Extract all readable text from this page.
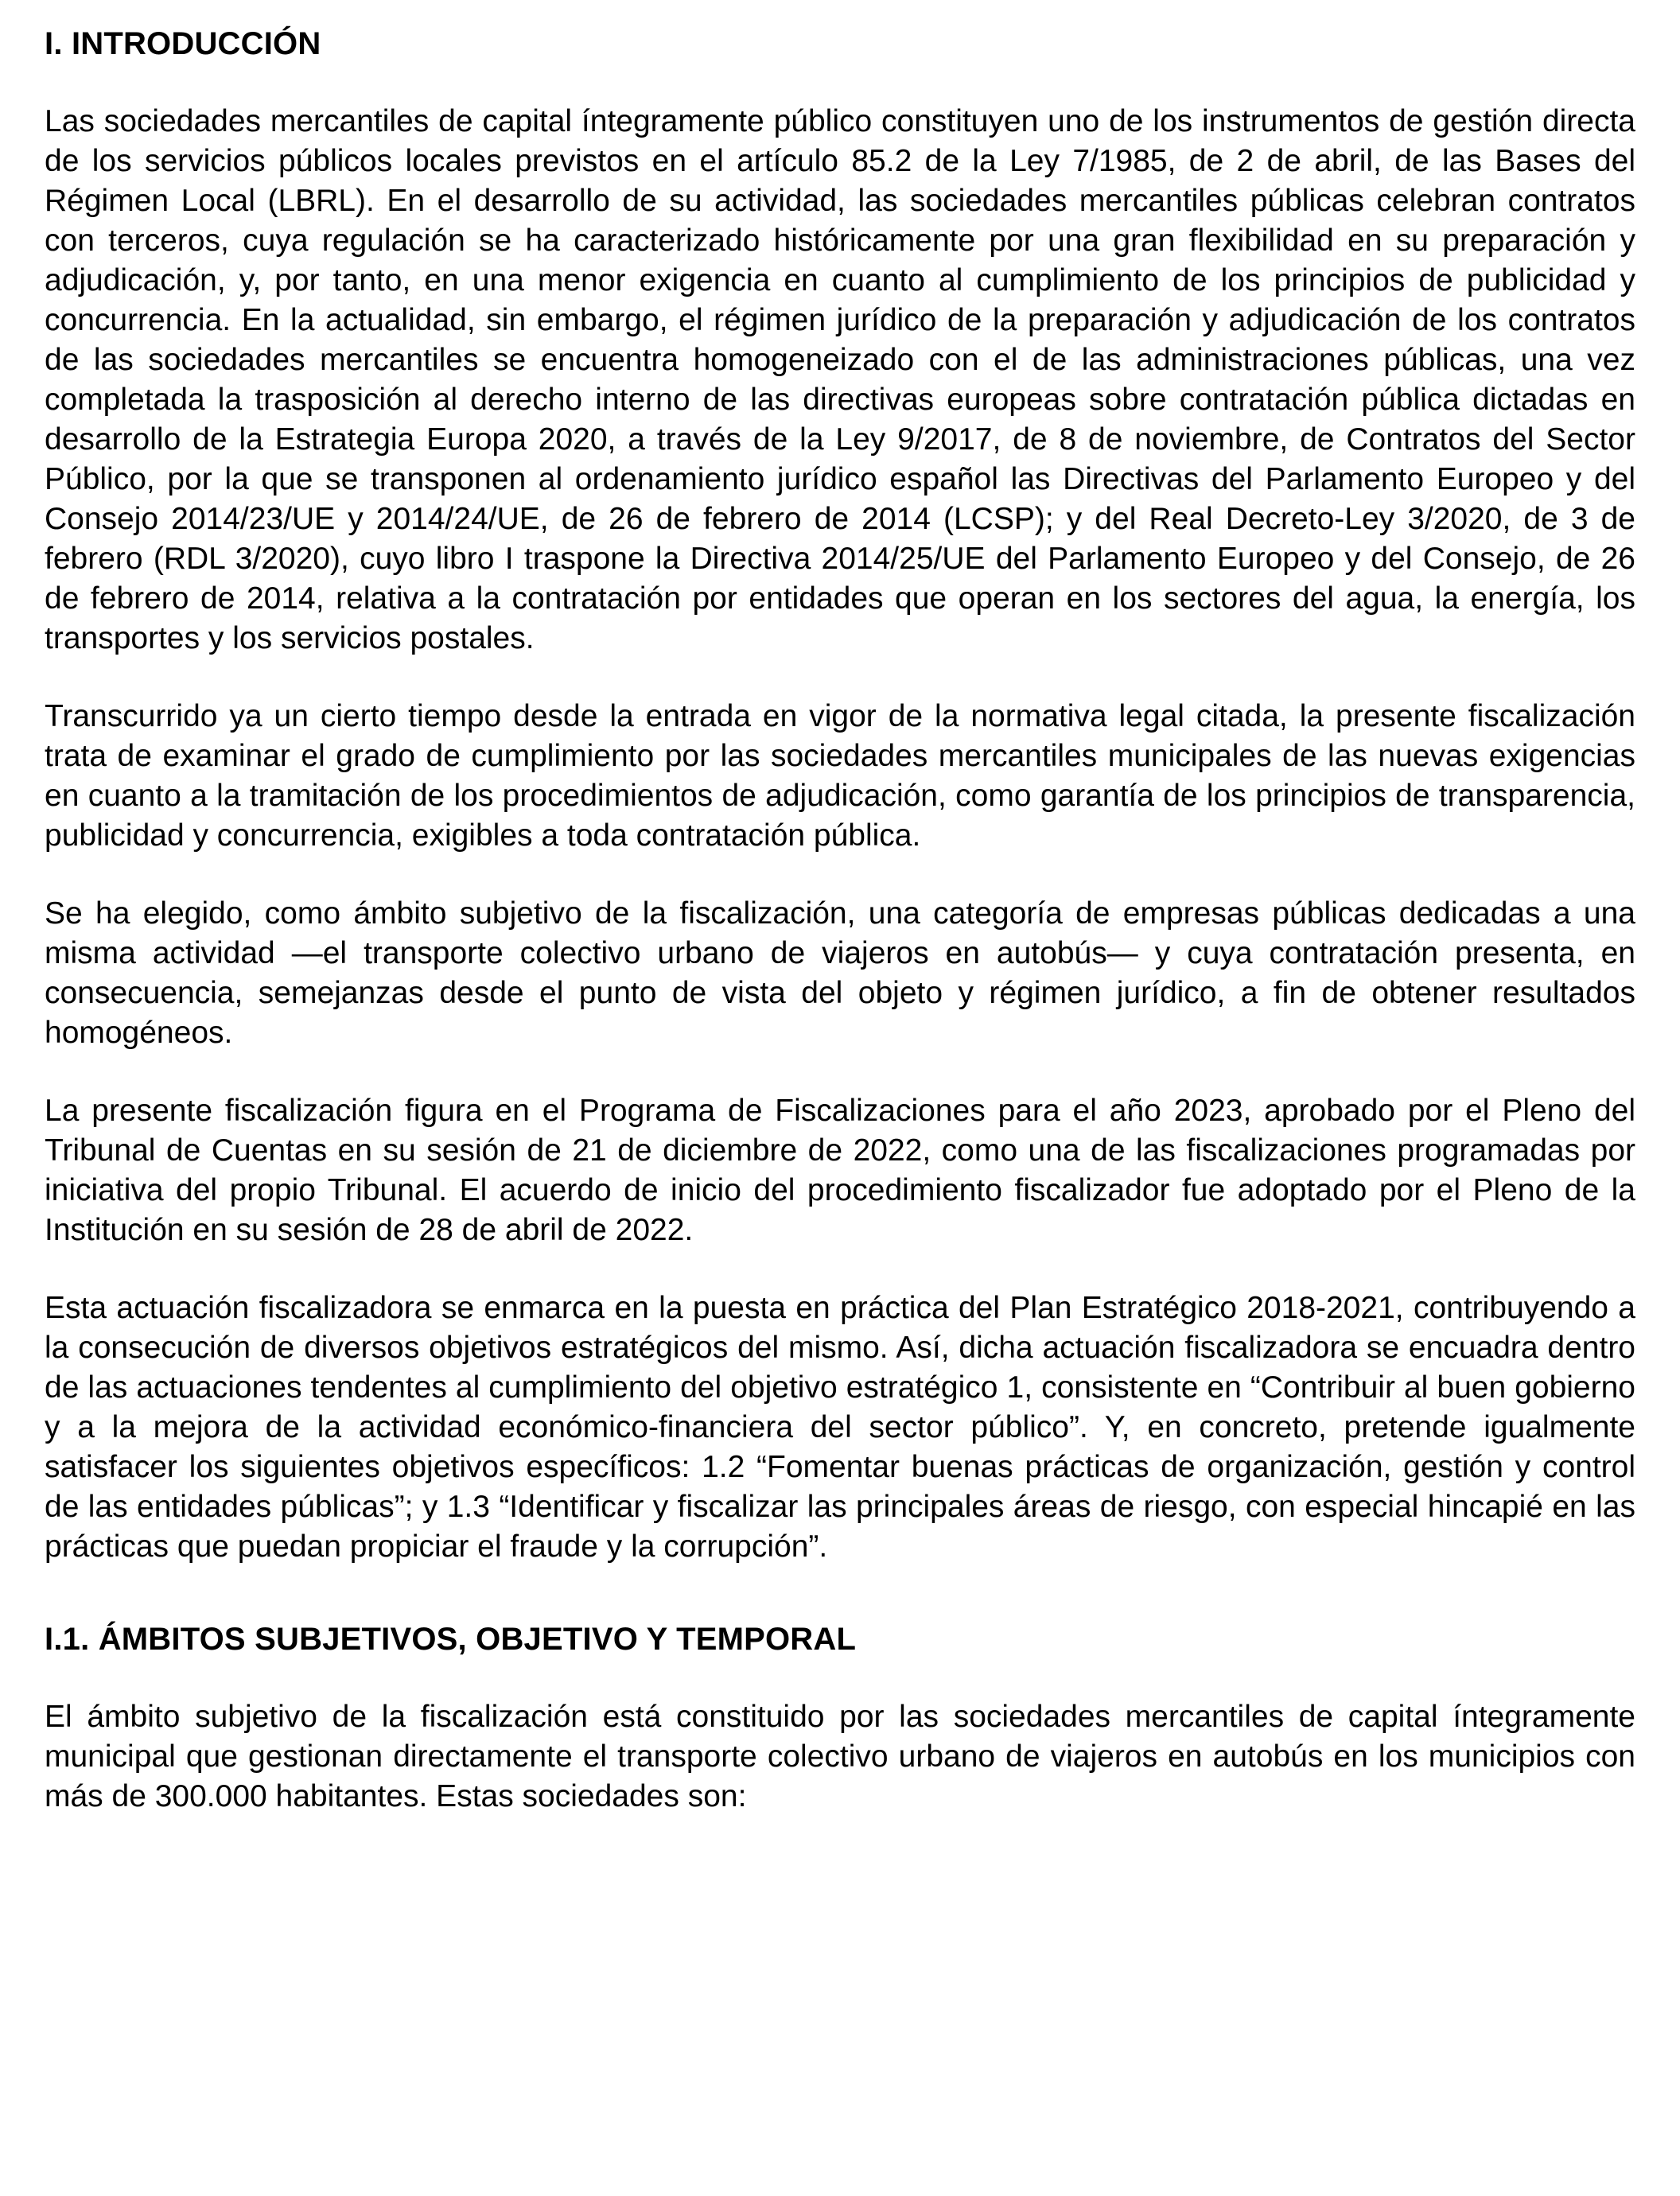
I. INTRODUCCIÓN

Las sociedades mercantiles de capital íntegramente público constituyen uno de los instrumentos de gestión directa de los servicios públicos locales previstos en el artículo 85.2 de la Ley 7/1985, de 2 de abril, de las Bases del Régimen Local (LBRL). En el desarrollo de su actividad, las sociedades mercantiles públicas celebran contratos con terceros, cuya regulación se ha caracterizado históricamente por una gran flexibilidad en su preparación y adjudicación, y, por tanto, en una menor exigencia en cuanto al cumplimiento de los principios de publicidad y concurrencia. En la actualidad, sin embargo, el régimen jurídico de la preparación y adjudicación de los contratos de las sociedades mercantiles se encuentra homogeneizado con el de las administraciones públicas, una vez completada la trasposición al derecho interno de las directivas europeas sobre contratación pública dictadas en desarrollo de la Estrategia Europa 2020, a través de la Ley 9/2017, de 8 de noviembre, de Contratos del Sector Público, por la que se transponen al ordenamiento jurídico español las Directivas del Parlamento Europeo y del Consejo 2014/23/UE y 2014/24/UE, de 26 de febrero de 2014 (LCSP); y del Real Decreto-Ley 3/2020, de 3 de febrero (RDL 3/2020), cuyo libro I traspone la Directiva 2014/25/UE del Parlamento Europeo y del Consejo, de 26 de febrero de 2014, relativa a la contratación por entidades que operan en los sectores del agua, la energía, los transportes y los servicios postales.

Transcurrido ya un cierto tiempo desde la entrada en vigor de la normativa legal citada, la presente fiscalización trata de examinar el grado de cumplimiento por las sociedades mercantiles municipales de las nuevas exigencias en cuanto a la tramitación de los procedimientos de adjudicación, como garantía de los principios de transparencia, publicidad y concurrencia, exigibles a toda contratación pública.

Se ha elegido, como ámbito subjetivo de la fiscalización, una categoría de empresas públicas dedicadas a una misma actividad —el transporte colectivo urbano de viajeros en autobús— y cuya contratación presenta, en consecuencia, semejanzas desde el punto de vista del objeto y régimen jurídico, a fin de obtener resultados homogéneos.

La presente fiscalización figura en el Programa de Fiscalizaciones para el año 2023, aprobado por el Pleno del Tribunal de Cuentas en su sesión de 21 de diciembre de 2022, como una de las fiscalizaciones programadas por iniciativa del propio Tribunal. El acuerdo de inicio del procedimiento fiscalizador fue adoptado por el Pleno de la Institución en su sesión de 28 de abril de 2022.

Esta actuación fiscalizadora se enmarca en la puesta en práctica del Plan Estratégico 2018-2021, contribuyendo a la consecución de diversos objetivos estratégicos del mismo. Así, dicha actuación fiscalizadora se encuadra dentro de las actuaciones tendentes al cumplimiento del objetivo estratégico 1, consistente en “Contribuir al buen gobierno y a la mejora de la actividad económico-financiera del sector público”. Y, en concreto, pretende igualmente satisfacer los siguientes objetivos específicos: 1.2 “Fomentar buenas prácticas de organización, gestión y control de las entidades públicas”; y 1.3 “Identificar y fiscalizar las principales áreas de riesgo, con especial hincapié en las prácticas que puedan propiciar el fraude y la corrupción”.

I.1. ÁMBITOS SUBJETIVOS, OBJETIVO Y TEMPORAL

El ámbito subjetivo de la fiscalización está constituido por las sociedades mercantiles de capital íntegramente municipal que gestionan directamente el transporte colectivo urbano de viajeros en autobús en los municipios con más de 300.000 habitantes. Estas sociedades son:
